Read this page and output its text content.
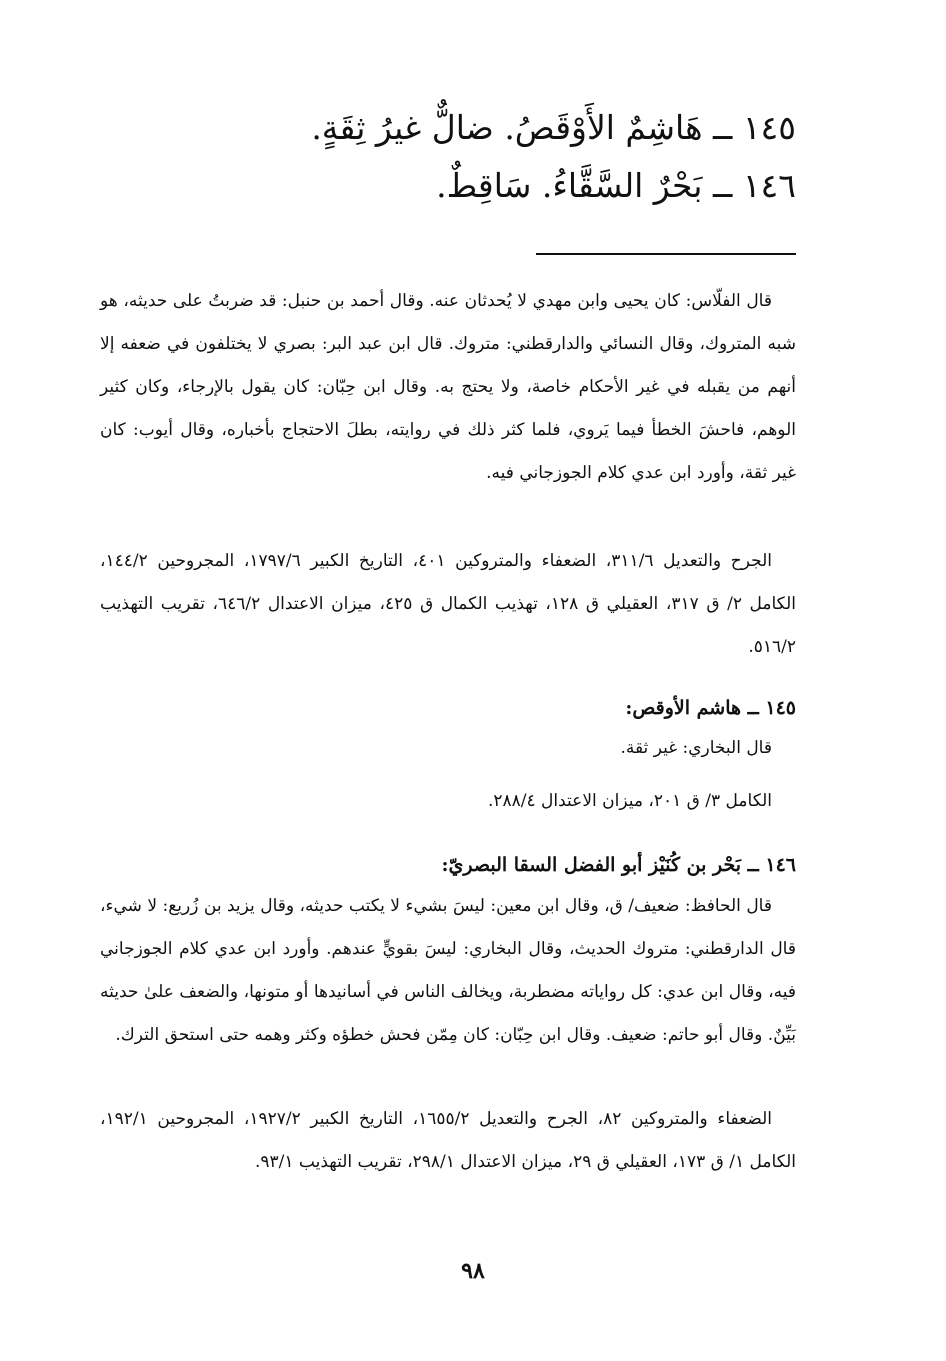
١٤٥ ــ هَاشِمٌ الأَوْقَصُ. ضالٌّ غيرُ ثِقَةٍ.
١٤٦ ــ بَحْرٌ السَّقَّاءُ. سَاقِطٌ.
قال الفلّاس: كان يحيى وابن مهدي لا يُحدثان عنه. وقال أحمد بن حنبل: قد ضربتُ على حديثه، هو شبه المتروك، وقال النسائي والدارقطني: متروك. قال ابن عبد البر: بصري لا يختلفون في ضعفه إلا أنهم من يقبله في غير الأحكام خاصة، ولا يحتج به. وقال ابن حِبّان: كان يقول بالإرجاء، وكان كثير الوهم، فاحشَ الخطأ فيما يَروي، فلما كثر ذلك في روايته، بطلَ الاحتجاج بأخباره، وقال أيوب: كان غير ثقة، وأورد ابن عدي كلام الجوزجاني فيه.
الجرح والتعديل ٣١١/٦، الضعفاء والمتروكين ٤٠١، التاريخ الكبير ١٧٩٧/٦، المجروحين ١٤٤/٢، الكامل ٢/ ق ٣١٧، العقيلي ق ١٢٨، تهذيب الكمال ق ٤٢٥، ميزان الاعتدال ٦٤٦/٢، تقريب التهذيب ٥١٦/٢.
١٤٥ ــ هاشم الأوقص:
قال البخاري: غير ثقة.
الكامل ٣/ ق ٢٠١، ميزان الاعتدال ٢٨٨/٤.
١٤٦ ــ بَحْر بن كُنَيْز أبو الفضل السقا البصريّ:
قال الحافظ: ضعيف/ ق، وقال ابن معين: ليسَ بشيء لا يكتب حديثه، وقال يزيد بن زُريع: لا شيء، قال الدارقطني: متروك الحديث، وقال البخاري: ليسَ بقويٍّ عندهم. وأورد ابن عدي كلام الجوزجاني فيه، وقال ابن عدي: كل رواياته مضطربة، ويخالف الناس في أسانيدها أو متونها، والضعف علىٰ حديثه بَيِّنٌ. وقال أبو حاتم: ضعيف. وقال ابن حِبّان: كان مِمّن فحش خطؤه وكثر وهمه حتى استحق الترك.
الضعفاء والمتروكين ٨٢، الجرح والتعديل ١٦٥٥/٢، التاريخ الكبير ١٩٢٧/٢، المجروحين ١٩٢/١، الكامل ١/ ق ١٧٣، العقيلي ق ٢٩، ميزان الاعتدال ٢٩٨/١، تقريب التهذيب ٩٣/١.
٩٨
